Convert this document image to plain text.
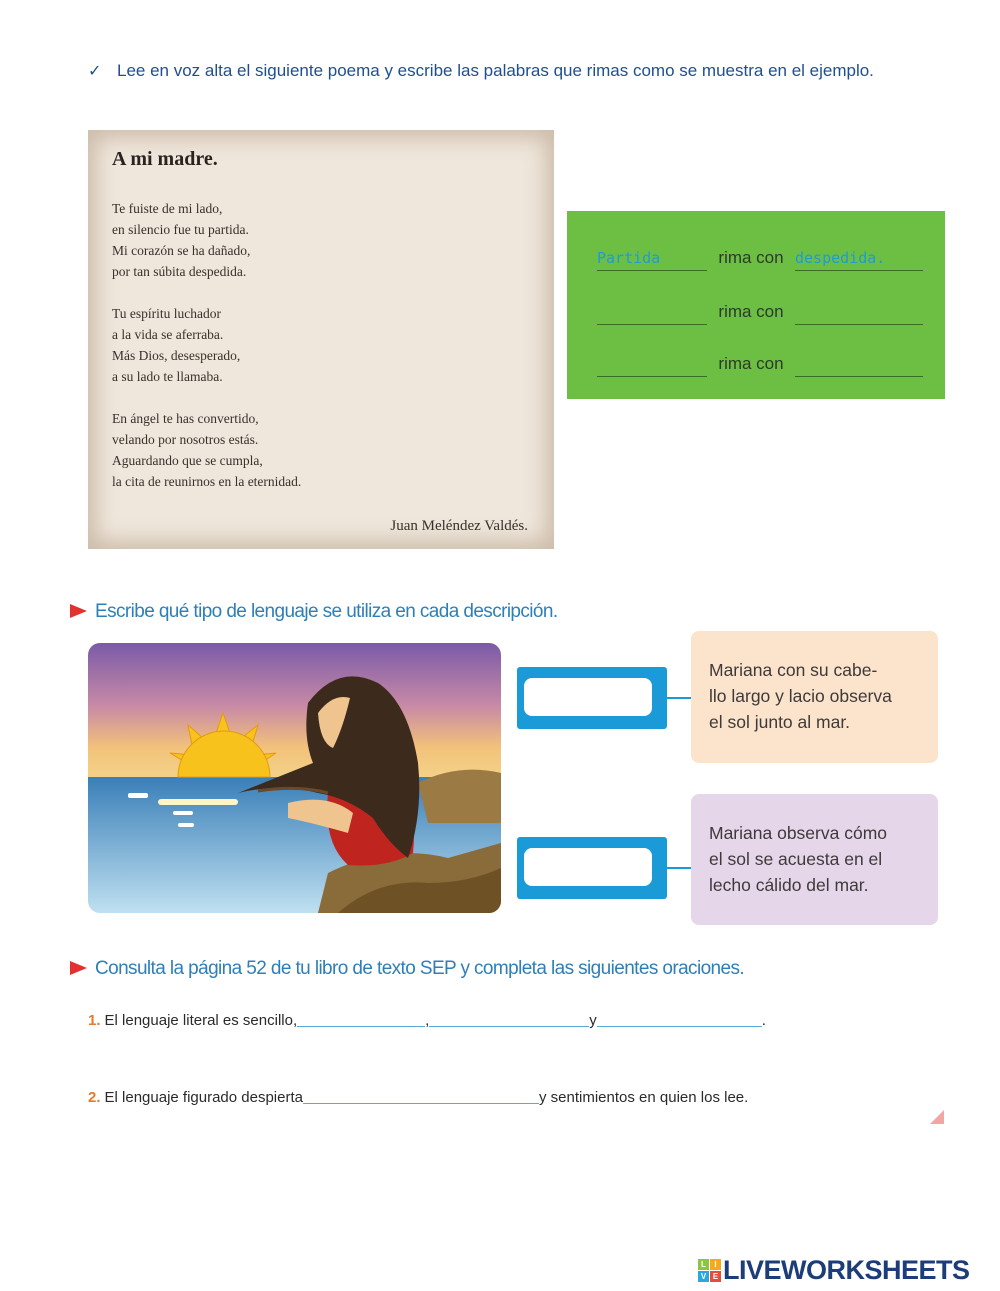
✓ Lee en voz alta el siguiente poema y escribe las palabras que rimas como se muestra en el ejemplo.
A mi madre.
Te fuiste de mi lado,
en silencio fue tu partida.
Mi corazón se ha dañado,
por tan súbita despedida.
Tu espíritu luchador
a la vida se aferraba.
Más Dios, desesperado,
a su lado te llamaba.
En ángel te has convertido,
velando por nosotros estás.
Aguardando que se cumpla,
la cita de reunirnos en la eternidad.
Juan Meléndez Valdés.
Partida	rima con despedida.
rima con
rima con
Escribe qué tipo de lenguaje se utiliza en cada descripción.
Mariana con su cabe-
llo largo y lacio observa
el sol junto al mar.
Mariana observa cómo
el sol se acuesta en el
lecho cálido del mar.
Consulta la página 52 de tu libro de texto SEP y completa las siguientes oraciones.
1. El lenguaje literal es sencillo,	,	y	.
2. El lenguaje figurado despierta	y sentimientos en quien los lee.
L	I
V E LIVEWORKSHEETS
